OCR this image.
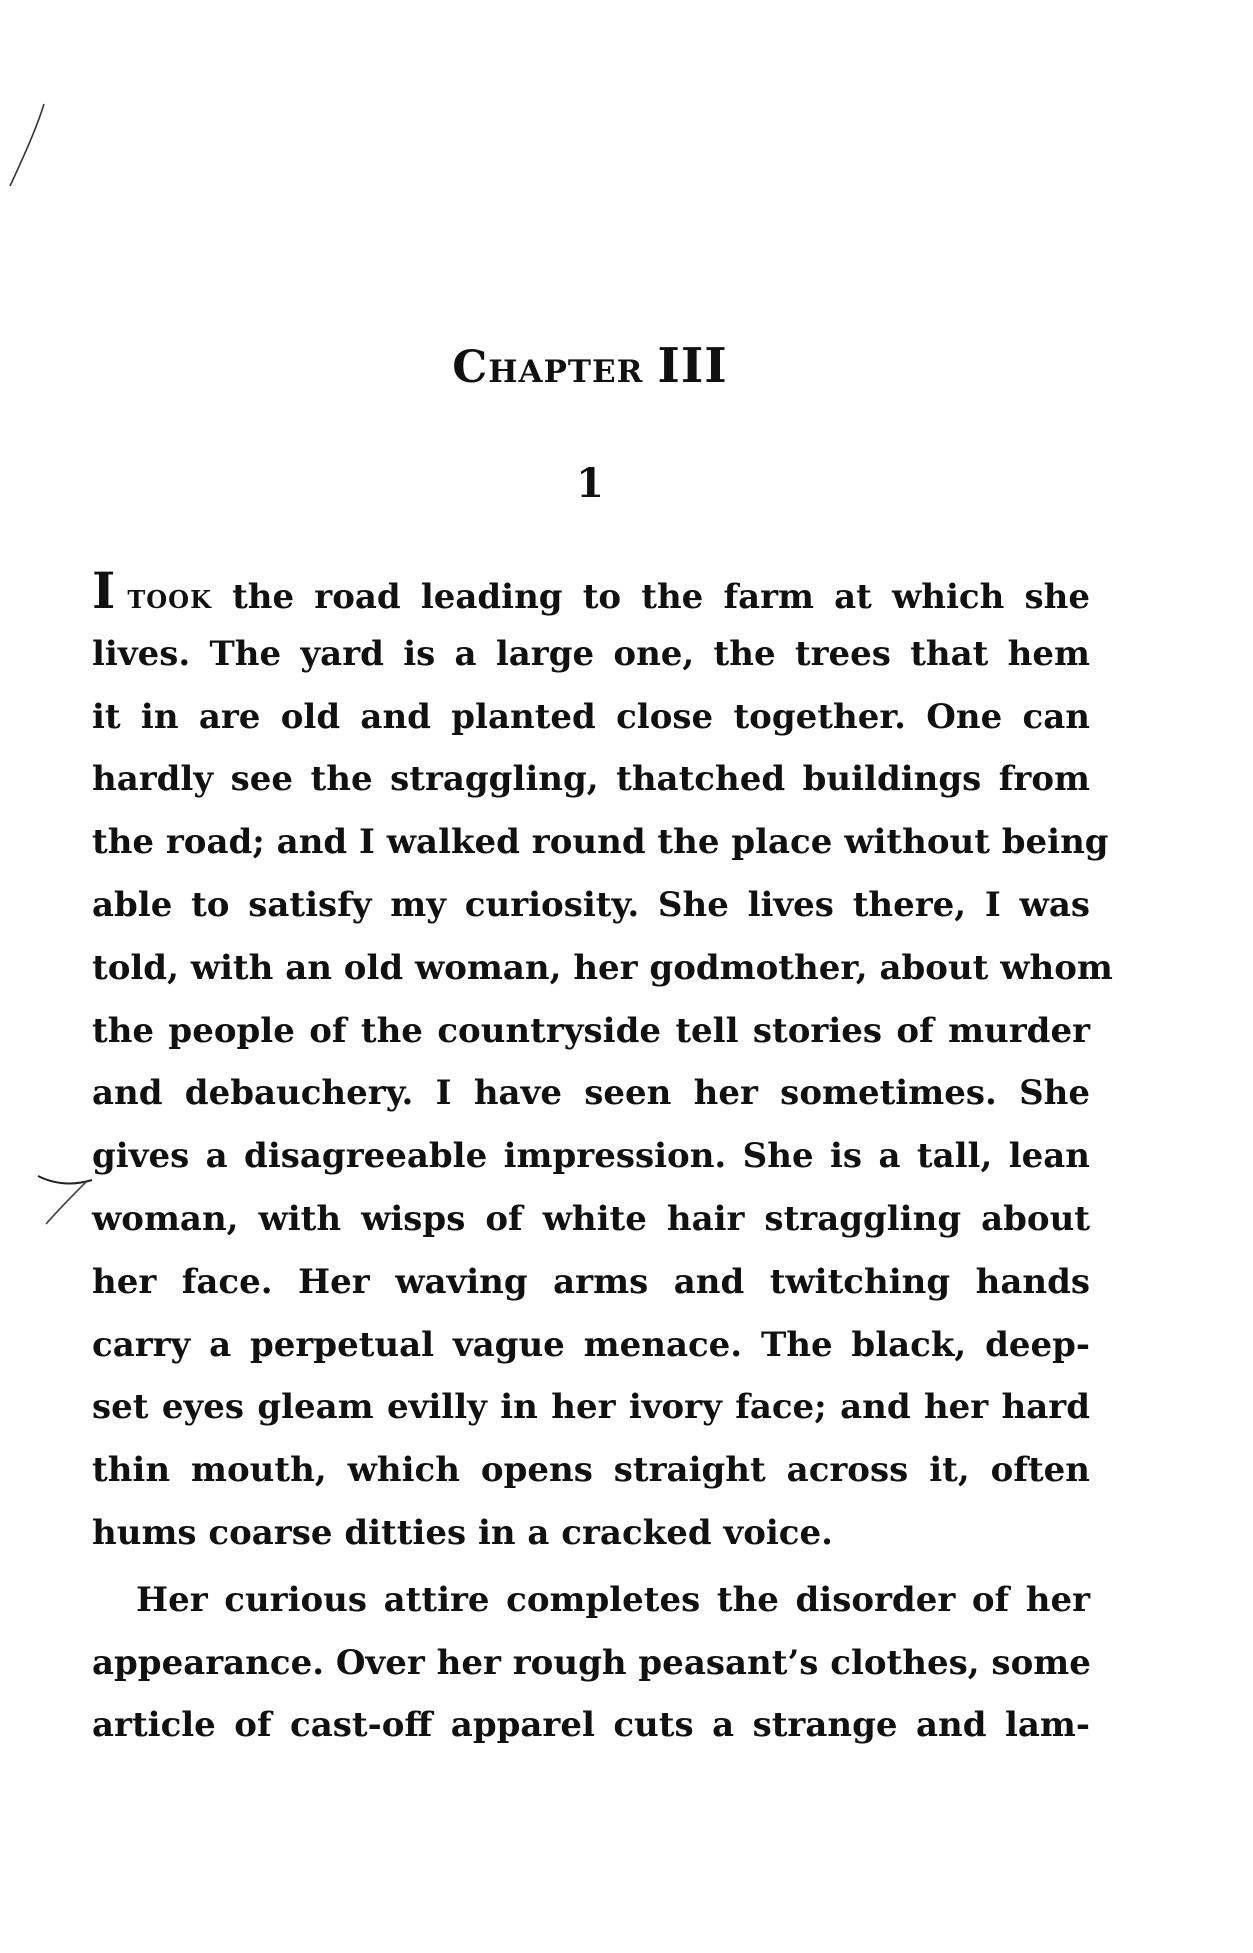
Chapter III
1
I took the road leading to the farm at which she
lives. The yard is a large one, the trees that hem
it in are old and planted close together. One can
hardly see the straggling, thatched buildings from
the road; and I walked round the place without being
able to satisfy my curiosity. She lives there, I was
told, with an old woman, her godmother, about whom
the people of the countryside tell stories of murder
and debauchery. I have seen her sometimes. She
gives a disagreeable impression. She is a tall, lean
woman, with wisps of white hair straggling about
her face. Her waving arms and twitching hands
carry a perpetual vague menace. The black, deep-
set eyes gleam evilly in her ivory face; and her hard
thin mouth, which opens straight across it, often
hums coarse ditties in a cracked voice.
Her curious attire completes the disorder of her
appearance. Over her rough peasant’s clothes, some
article of cast-off apparel cuts a strange and lam-
